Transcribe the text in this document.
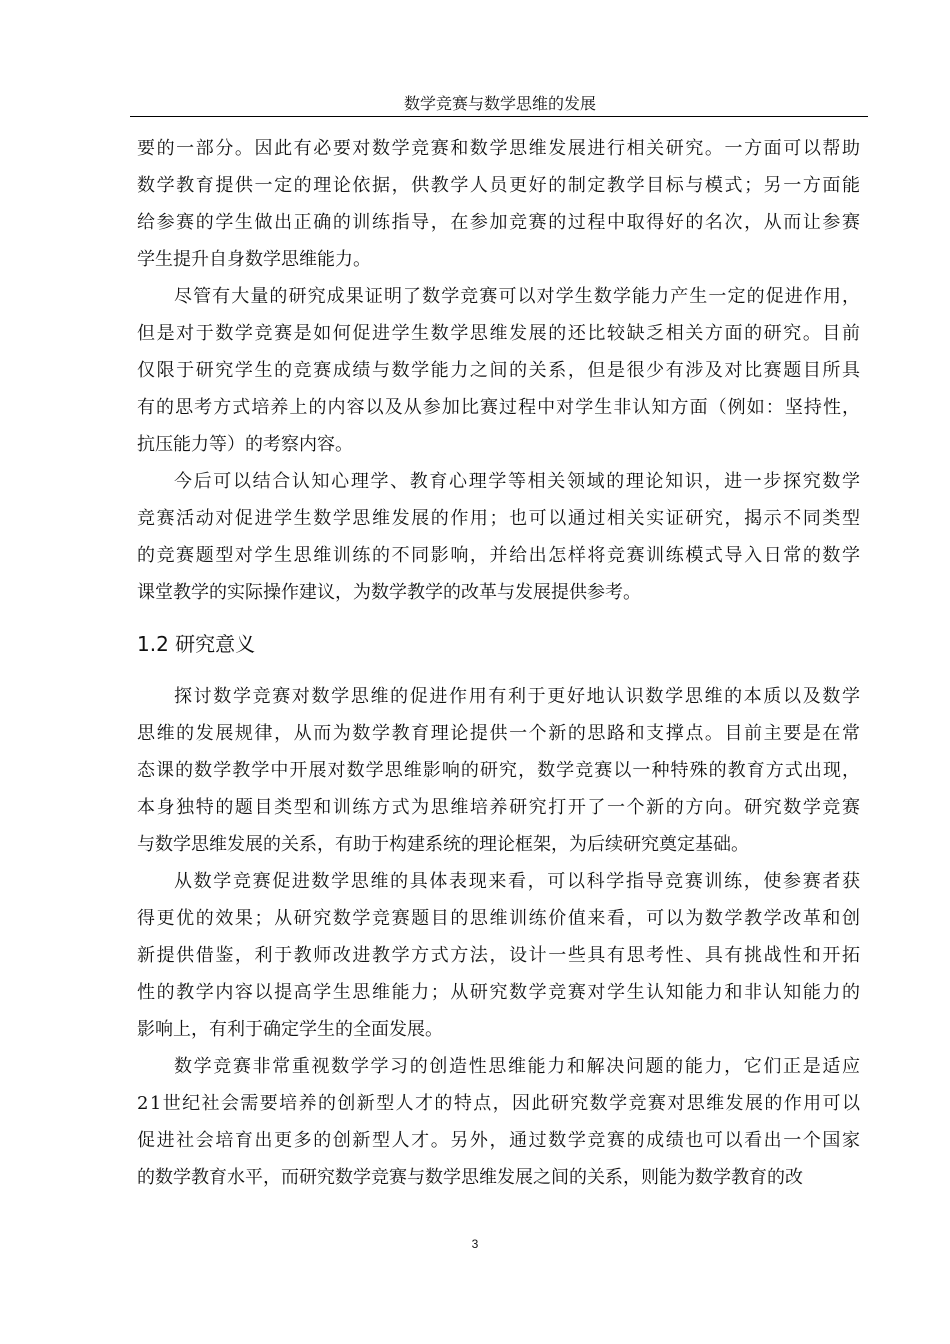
数学竞赛与数学思维的发展
要的一部分。因此有必要对数学竞赛和数学思维发展进行相关研究。一方面可以帮助
数学教育提供一定的理论依据，供教学人员更好的制定教学目标与模式；另一方面能
给参赛的学生做出正确的训练指导，在参加竞赛的过程中取得好的名次，从而让参赛
学生提升自身数学思维能力。
尽管有大量的研究成果证明了数学竞赛可以对学生数学能力产生一定的促进作用，
但是对于数学竞赛是如何促进学生数学思维发展的还比较缺乏相关方面的研究。目前
仅限于研究学生的竞赛成绩与数学能力之间的关系，但是很少有涉及对比赛题目所具
有的思考方式培养上的内容以及从参加比赛过程中对学生非认知方面（例如：坚持性，
抗压能力等）的考察内容。
今后可以结合认知心理学、教育心理学等相关领域的理论知识，进一步探究数学
竞赛活动对促进学生数学思维发展的作用；也可以通过相关实证研究，揭示不同类型
的竞赛题型对学生思维训练的不同影响，并给出怎样将竞赛训练模式导入日常的数学
课堂教学的实际操作建议，为数学教学的改革与发展提供参考。
探讨数学竞赛对数学思维的促进作用有利于更好地认识数学思维的本质以及数学
思维的发展规律，从而为数学教育理论提供一个新的思路和支撑点。目前主要是在常
态课的数学教学中开展对数学思维影响的研究，数学竞赛以一种特殊的教育方式出现，
本身独特的题目类型和训练方式为思维培养研究打开了一个新的方向。研究数学竞赛
与数学思维发展的关系，有助于构建系统的理论框架，为后续研究奠定基础。
从数学竞赛促进数学思维的具体表现来看，可以科学指导竞赛训练，使参赛者获
得更优的效果；从研究数学竞赛题目的思维训练价值来看，可以为数学教学改革和创
新提供借鉴，利于教师改进教学方式方法，设计一些具有思考性、具有挑战性和开拓
性的教学内容以提高学生思维能力；从研究数学竞赛对学生认知能力和非认知能力的
影响上，有利于确定学生的全面发展。
数学竞赛非常重视数学学习的创造性思维能力和解决问题的能力，它们正是适应
21世纪社会需要培养的创新型人才的特点，因此研究数学竞赛对思维发展的作用可以
促进社会培育出更多的创新型人才。另外，通过数学竞赛的成绩也可以看出一个国家
的数学教育水平，而研究数学竞赛与数学思维发展之间的关系，则能为数学教育的改
1.2 研究意义
3
